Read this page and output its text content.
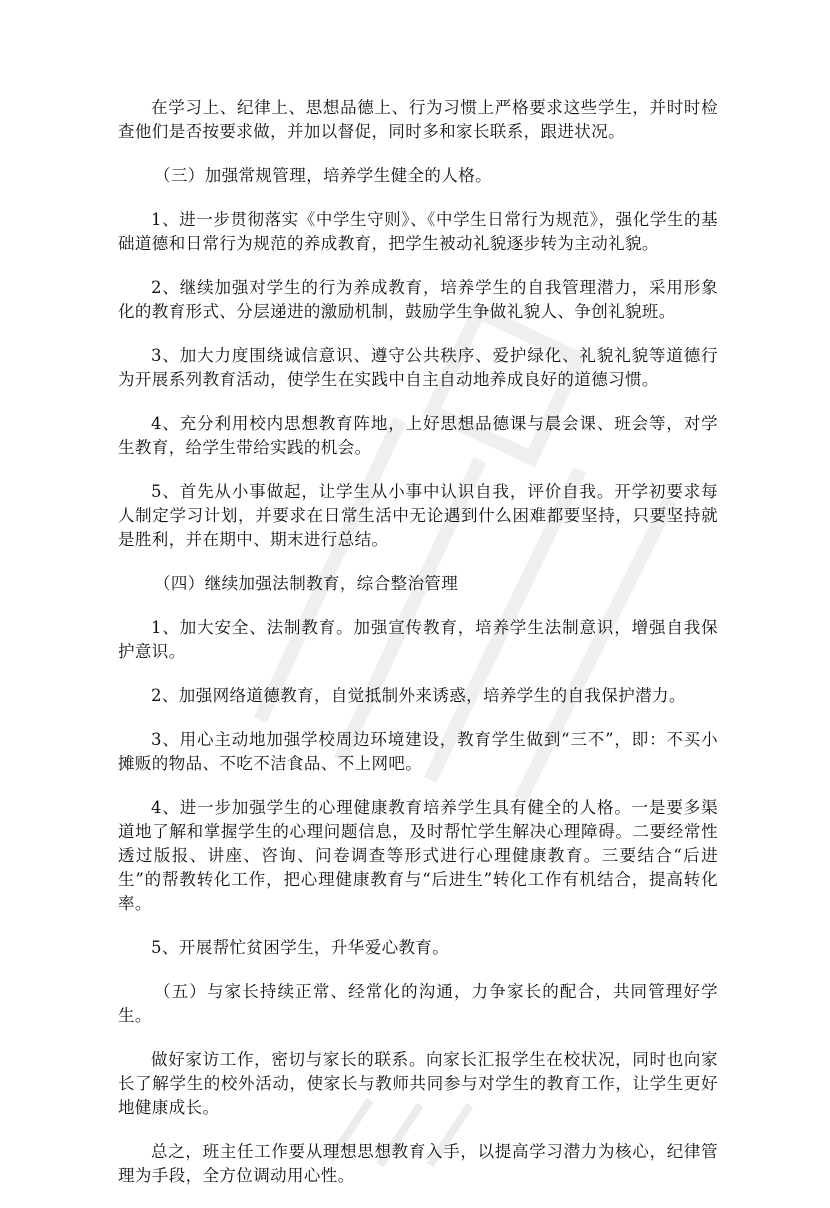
在学习上、纪律上、思想品德上、行为习惯上严格要求这些学生，并时时检查他们是否按要求做，并加以督促，同时多和家长联系，跟进状况。

（三）加强常规管理，培养学生健全的人格。

1、进一步贯彻落实《中学生守则》、《中学生日常行为规范》，强化学生的基础道德和日常行为规范的养成教育，把学生被动礼貌逐步转为主动礼貌。

2、继续加强对学生的行为养成教育，培养学生的自我管理潜力，采用形象化的教育形式、分层递进的激励机制，鼓励学生争做礼貌人、争创礼貌班。

3、加大力度围绕诚信意识、遵守公共秩序、爱护绿化、礼貌礼貌等道德行为开展系列教育活动，使学生在实践中自主自动地养成良好的道德习惯。

4、充分利用校内思想教育阵地，上好思想品德课与晨会课、班会等，对学生教育，给学生带给实践的机会。

5、首先从小事做起，让学生从小事中认识自我，评价自我。开学初要求每人制定学习计划，并要求在日常生活中无论遇到什么困难都要坚持，只要坚持就是胜利，并在期中、期末进行总结。

（四）继续加强法制教育，综合整治管理

1、加大安全、法制教育。加强宣传教育，培养学生法制意识，增强自我保护意识。

2、加强网络道德教育，自觉抵制外来诱惑，培养学生的自我保护潜力。

3、用心主动地加强学校周边环境建设，教育学生做到“三不”，即：不买小摊贩的物品、不吃不洁食品、不上网吧。

4、进一步加强学生的心理健康教育培养学生具有健全的人格。一是要多渠道地了解和掌握学生的心理问题信息，及时帮忙学生解决心理障碍。二要经常性透过版报、讲座、咨询、问卷调查等形式进行心理健康教育。三要结合“后进生”的帮教转化工作，把心理健康教育与“后进生”转化工作有机结合，提高转化率。

5、开展帮忙贫困学生，升华爱心教育。

（五）与家长持续正常、经常化的沟通，力争家长的配合，共同管理好学生。

做好家访工作，密切与家长的联系。向家长汇报学生在校状况，同时也向家长了解学生的校外活动，使家长与教师共同参与对学生的教育工作，让学生更好地健康成长。

总之，班主任工作要从理想思想教育入手，以提高学习潜力为核心，纪律管理为手段，全方位调动用心性。
